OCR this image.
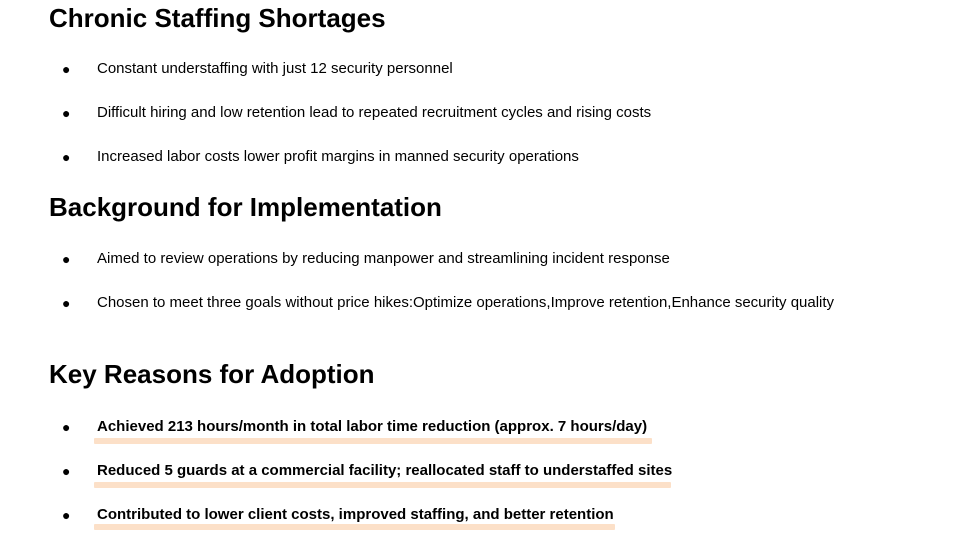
Chronic Staffing Shortages
● Constant understaffing with just 12 security personnel
● Difficult hiring and low retention lead to repeated recruitment cycles and rising costs
● Increased labor costs lower profit margins in manned security operations
Background for Implementation
● Aimed to review operations by reducing manpower and streamlining incident response
● Chosen to meet three goals without price hikes:Optimize operations,Improve retention,Enhance security quality
Key Reasons for Adoption
● Achieved 213 hours/month in total labor time reduction (approx. 7 hours/day)
● Reduced 5 guards at a commercial facility; reallocated staff to understaffed sites
● Contributed to lower client costs, improved staffing, and better retention
